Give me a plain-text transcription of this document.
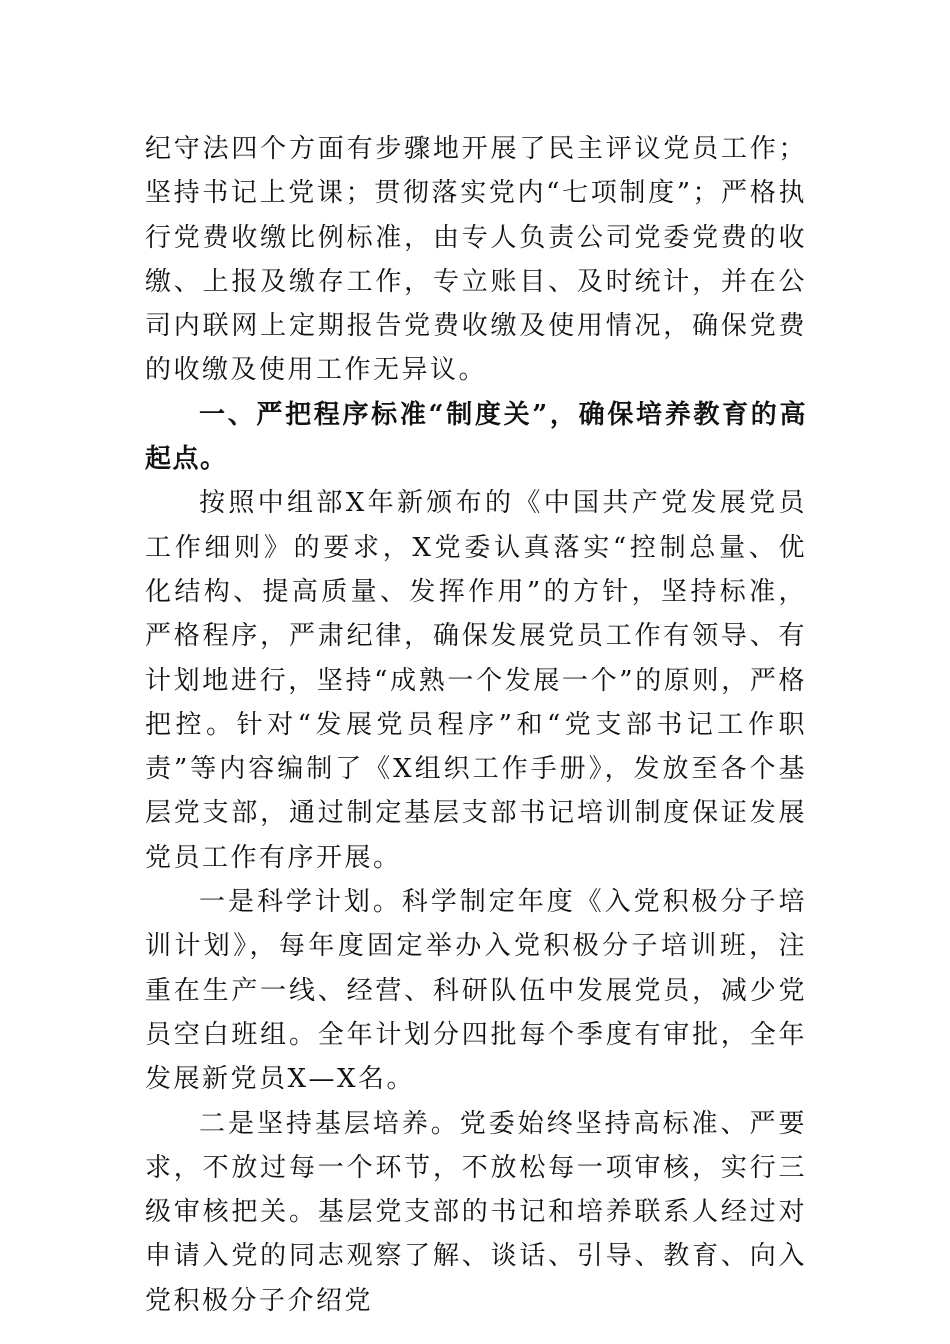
纪守法四个方面有步骤地开展了民主评议党员工作；坚持书记上党课；贯彻落实党内“七项制度”；严格执行党费收缴比例标准，由专人负责公司党委党费的收缴、上报及缴存工作，专立账目、及时统计，并在公司内联网上定期报告党费收缴及使用情况，确保党费的收缴及使用工作无异议。

一、严把程序标准“制度关”，确保培养教育的高起点。

按照中组部X年新颁布的《中国共产党发展党员工作细则》的要求，X党委认真落实“控制总量、优化结构、提高质量、发挥作用”的方针，坚持标准，严格程序，严肃纪律，确保发展党员工作有领导、有计划地进行，坚持“成熟一个发展一个”的原则，严格把控。针对“发展党员程序”和“党支部书记工作职责”等内容编制了《X组织工作手册》，发放至各个基层党支部，通过制定基层支部书记培训制度保证发展党员工作有序开展。

一是科学计划。科学制定年度《入党积极分子培训计划》，每年度固定举办入党积极分子培训班，注重在生产一线、经营、科研队伍中发展党员，减少党员空白班组。全年计划分四批每个季度有审批，全年发展新党员X—X名。

二是坚持基层培养。党委始终坚持高标准、严要求，不放过每一个环节，不放松每一项审核，实行三级审核把关。基层党支部的书记和培养联系人经过对申请入党的同志观察了解、谈话、引导、教育、向入党积极分子介绍党
